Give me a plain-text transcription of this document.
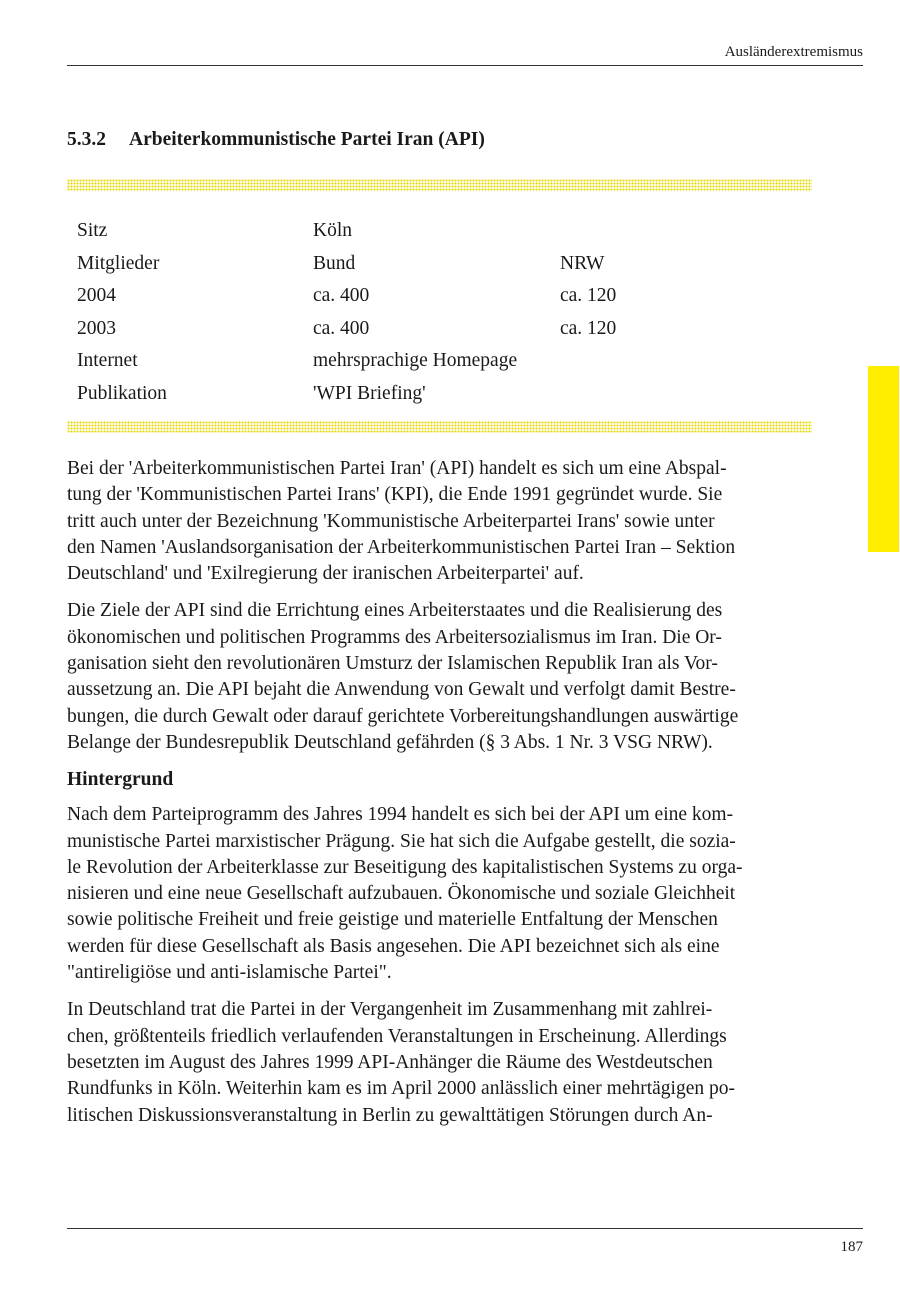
Ausländerextremismus
5.3.2 Arbeiterkommunistische Partei Iran (API)
Sitz	Köln	
Mitglieder	Bund	NRW
2004	ca. 400	ca. 120
2003	ca. 400	ca. 120
Internet	mehrsprachige Homepage	
Publikation	'WPI Briefing'	

Bei der 'Arbeiterkommunistischen Partei Iran' (API) handelt es sich um eine Abspal-
tung der 'Kommunistischen Partei Irans' (KPI), die Ende 1991 gegründet wurde. Sie
tritt auch unter der Bezeichnung 'Kommunistische Arbeiterpartei Irans' sowie unter
den Namen 'Auslandsorganisation der Arbeiterkommunistischen Partei Iran – Sektion
Deutschland' und 'Exilregierung der iranischen Arbeiterpartei' auf.

Die Ziele der API sind die Errichtung eines Arbeiterstaates und die Realisierung des
ökonomischen und politischen Programms des Arbeitersozialismus im Iran. Die Or-
ganisation sieht den revolutionären Umsturz der Islamischen Republik Iran als Vor-
aussetzung an. Die API bejaht die Anwendung von Gewalt und verfolgt damit Bestre-
bungen, die durch Gewalt oder darauf gerichtete Vorbereitungshandlungen auswärtige
Belange der Bundesrepublik Deutschland gefährden (§ 3 Abs. 1 Nr. 3 VSG NRW).

Hintergrund

Nach dem Parteiprogramm des Jahres 1994 handelt es sich bei der API um eine kom-
munistische Partei marxistischer Prägung. Sie hat sich die Aufgabe gestellt, die sozia-
le Revolution der Arbeiterklasse zur Beseitigung des kapitalistischen Systems zu orga-
nisieren und eine neue Gesellschaft aufzubauen. Ökonomische und soziale Gleichheit
sowie politische Freiheit und freie geistige und materielle Entfaltung der Menschen
werden für diese Gesellschaft als Basis angesehen. Die API bezeichnet sich als eine
"antireligiöse und anti-islamische Partei".

In Deutschland trat die Partei in der Vergangenheit im Zusammenhang mit zahlrei-
chen, größtenteils friedlich verlaufenden Veranstaltungen in Erscheinung. Allerdings
besetzten im August des Jahres 1999 API-Anhänger die Räume des Westdeutschen
Rundfunks in Köln. Weiterhin kam es im April 2000 anlässlich einer mehrtägigen po-
litischen Diskussionsveranstaltung in Berlin zu gewalttätigen Störungen durch An-

187
